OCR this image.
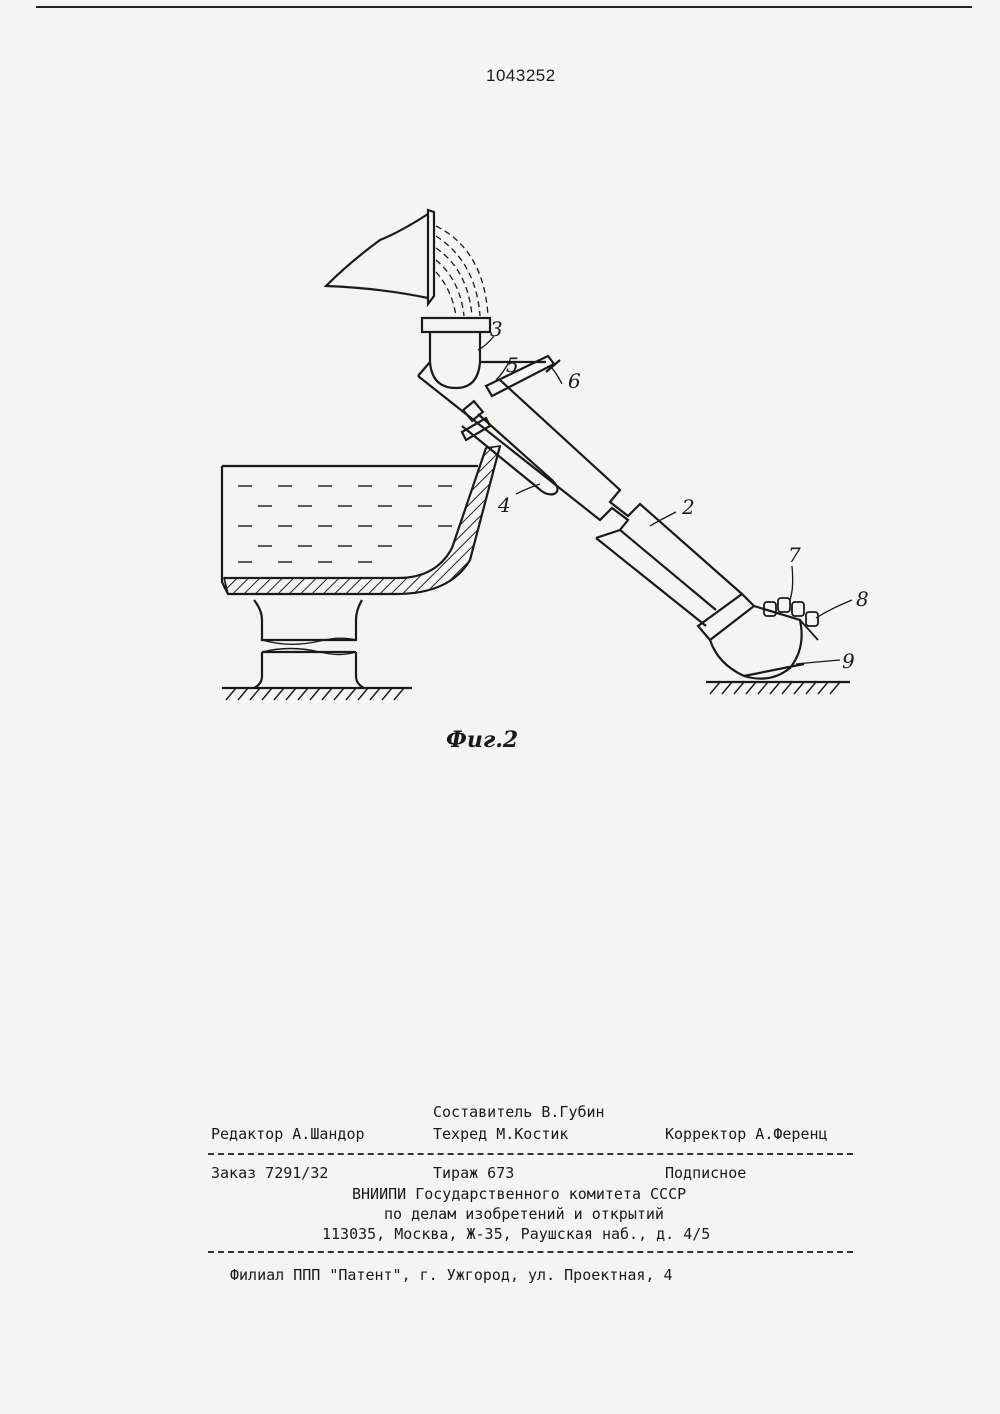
1043252
3
5
6
4	2
7
8
9
Фиг.2
Составитель В.Губин
Редактор А.Шандор	Техред М.Костик	Корректор А.Ференц
Заказ 7291/32	Тираж 673	Подписное
ВНИИПИ Государственного комитета СССР
по делам изобретений и открытий
113035, Москва, Ж-35, Раушская наб., д. 4/5
Филиал ППП "Патент", г. Ужгород, ул. Проектная, 4
